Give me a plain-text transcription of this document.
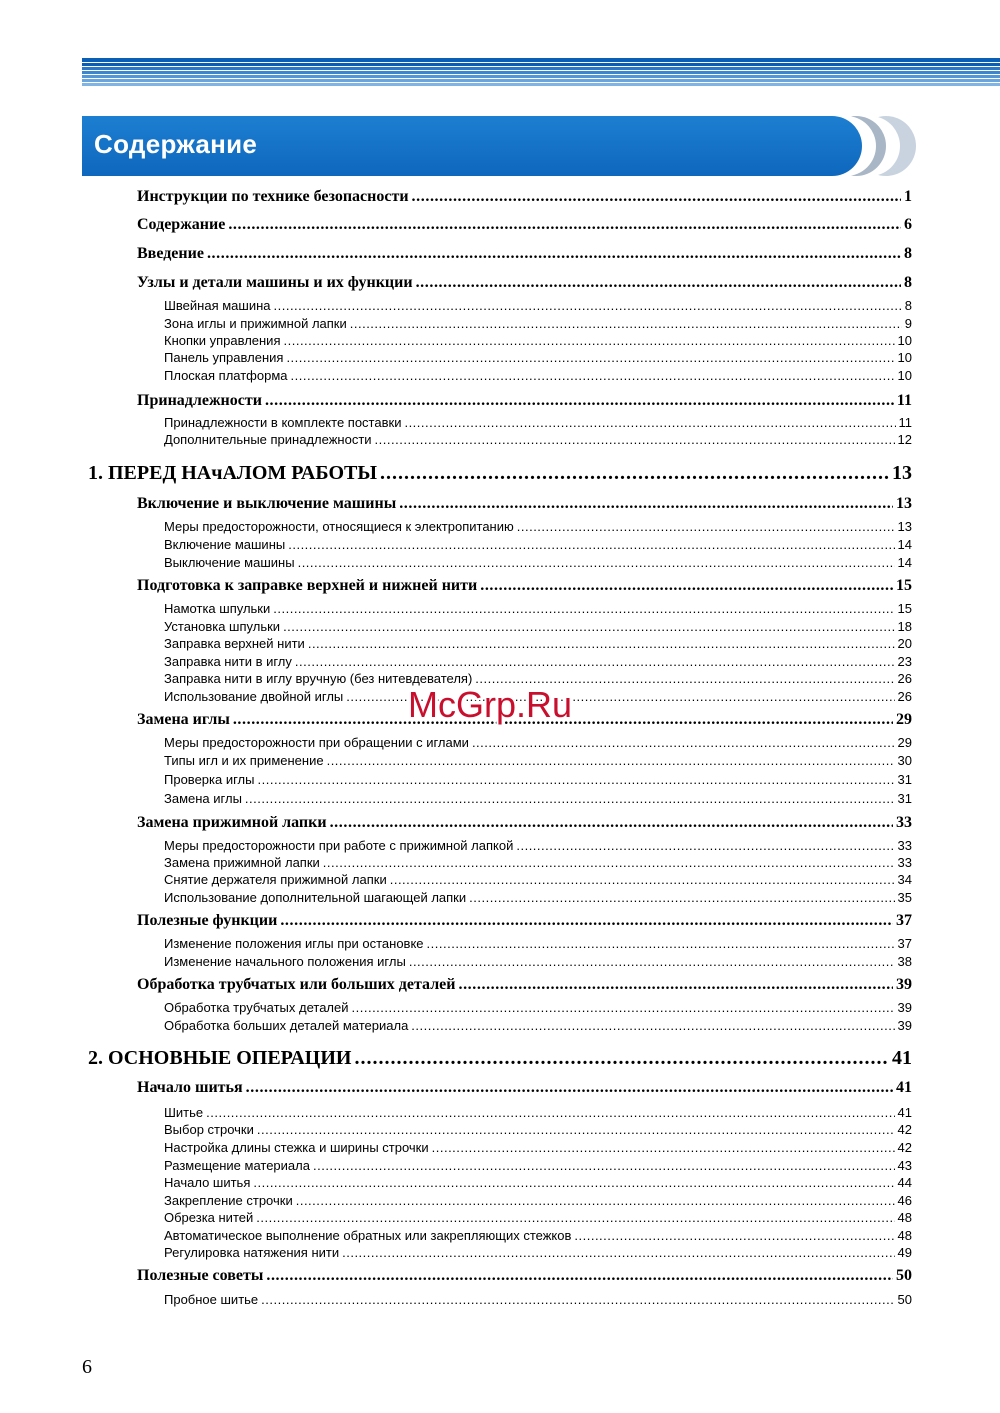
Содержание
Инструкции по технике безопасности .....	1
Содержание .....	6
Введение .....	8
Узлы и детали машины и их функции .....	8
Швейная машина .....	8
Зона иглы и прижимной лапки .....	9
Кнопки управления .....	10
Панель управления .....	10
Плоская платформа .....	10
Принадлежности .....	11
Принадлежности в комплекте поставки .....	11
Дополнительные принадлежности .....	12
1. ПЕРЕД НАчАЛОМ РАБОТЫ .....	13
Включение и выключение машины .....	13
Меры предосторожности, относящиеся к электропитанию .....	13
Включение машины .....	14
Выключение машины .....	14
Подготовка к заправке верхней и нижней нити .....	15
Намотка шпульки .....	15
Установка шпульки .....	18
Заправка верхней нити .....	20
Заправка нити в иглу .....	23
Заправка нити в иглу вручную (без нитевдевателя) .....	26
Использование двойной иглы .....	26
Замена иглы .....	29
Меры предосторожности при обращении с иглами .....	29
Типы игл и их применение .....	30
Проверка иглы .....	31
Замена иглы .....	31
Замена прижимной лапки .....	33
Меры предосторожности при работе с прижимной лапкой .....	33
Замена прижимной лапки .....	33
Снятие держателя прижимной лапки .....	34
Использование дополнительной шагающей лапки .....	35
Полезные функции .....	37
Изменение положения иглы при остановке .....	37
Изменение начального положения иглы .....	38
Обработка трубчатых или больших деталей .....	39
Обработка трубчатых деталей .....	39
Обработка больших деталей материала .....	39
2. ОСНОВНЫЕ ОПЕРАЦИИ .....	41
Начало шитья .....	41
Шитье .....	41
Выбор строчки .....	42
Настройка длины стежка и ширины строчки .....	42
Размещение материала .....	43
Начало шитья .....	44
Закрепление строчки .....	46
Обрезка нитей .....	48
Автоматическое выполнение обратных или закрепляющих стежков .....	48
Регулировка натяжения нити .....	49
Полезные советы .....	50
Пробное шитье .....	50
McGrp.Ru
6
